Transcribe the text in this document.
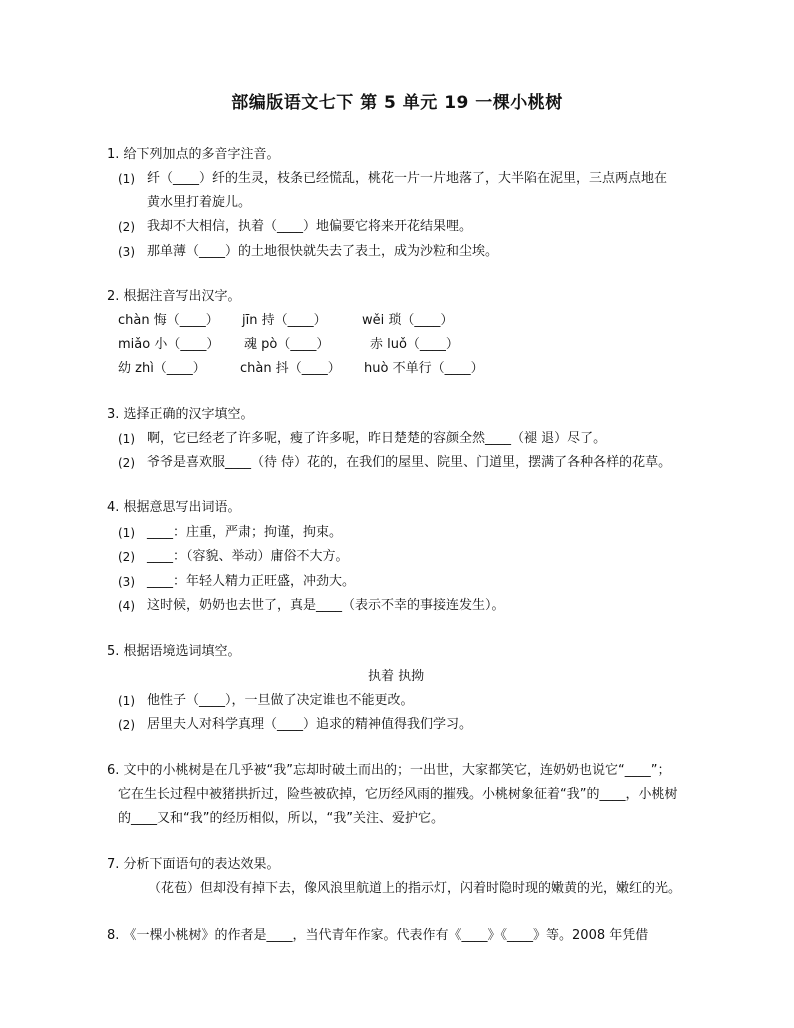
部编版语文七下 第 5 单元 19 一棵小桃树
1. 给下列加点的多音字注音。
(1) 纤（____）纤的生灵，枝条已经慌乱，桃花一片一片地落了，大半陷在泥里，三点两点地在
黄水里打着旋儿。
(2) 我却不大相信，执着（____）地偏要它将来开花结果哩。
(3) 那单薄（____）的土地很快就失去了表土，成为沙粒和尘埃。
2. 根据注音写出汉字。
chàn 悔（____） jīn 持（____）	wěi 琐（____）
miǎo 小（____） 魂 pò（____）	赤 luǒ（____）
幼 zhì（____）	chàn 抖（____） huò 不单行（____）
3. 选择正确的汉字填空。
(1) 啊，它已经老了许多呢，瘦了许多呢，昨日楚楚的容颜全然____（褪 退）尽了。
(2) 爷爷是喜欢服____（待 侍）花的，在我们的屋里、院里、门道里，摆满了各种各样的花草。
4. 根据意思写出词语。
(1) ____：庄重，严肃；拘谨，拘束。
(2) ____：（容貌、举动）庸俗不大方。
(3) ____：年轻人精力正旺盛，冲劲大。
(4) 这时候，奶奶也去世了，真是____（表示不幸的事接连发生）。
5. 根据语境选词填空。
执着 执拗
(1) 他性子（____），一旦做了决定谁也不能更改。
(2) 居里夫人对科学真理（____）追求的精神值得我们学习。
6. 文中的小桃树是在几乎被“我”忘却时破土而出的；一出世，大家都笑它，连奶奶也说它“____”；
它在生长过程中被猪拱折过，险些被砍掉，它历经风雨的摧残。小桃树象征着“我”的____，小桃树
的____又和“我”的经历相似，所以，“我”关注、爱护它。
7. 分析下面语句的表达效果。
（花苞）但却没有掉下去，像风浪里航道上的指示灯，闪着时隐时现的嫩黄的光，嫩红的光。
8. 《一棵小桃树》的作者是____，当代青年作家。代表作有《____》《____》等。2008 年凭借
